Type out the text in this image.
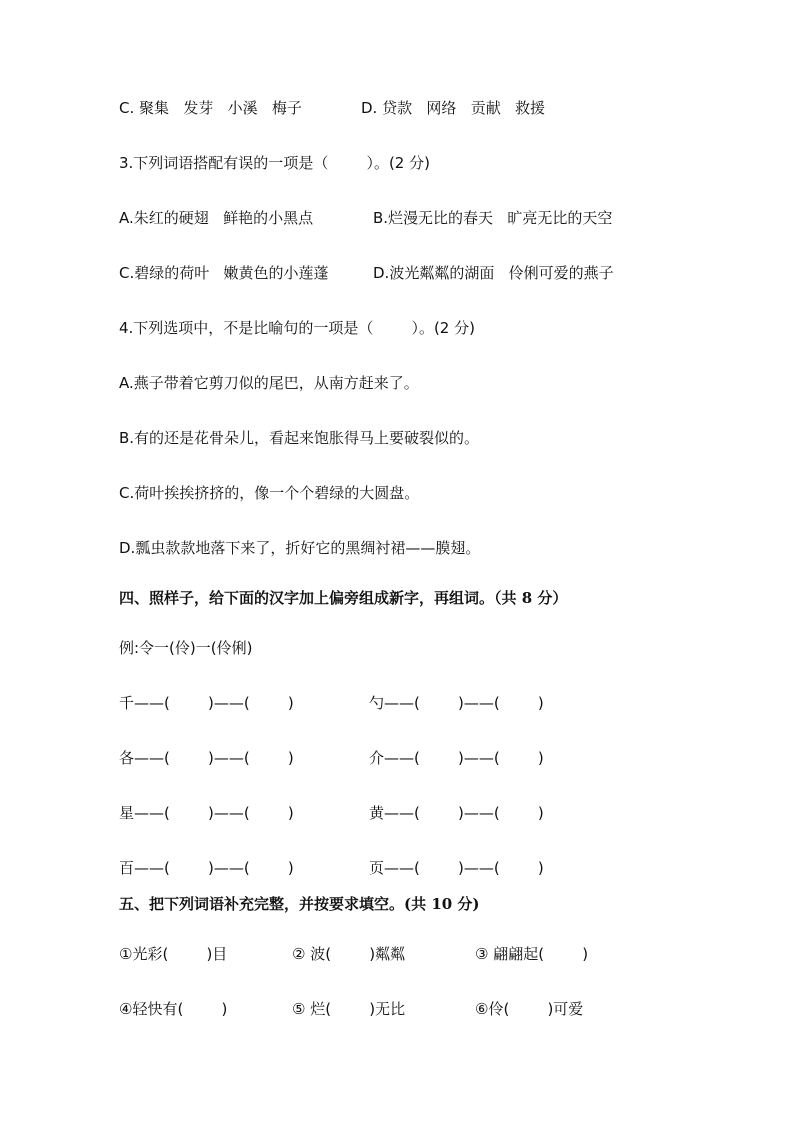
C. 聚集   发芽   小溪   梅子	D. 贷款   网络   贡献   救援
3.下列词语搭配有误的一项是（        ）。(2 分)
A.朱红的硬翅   鲜艳的小黑点	B.烂漫无比的春天   旷亮无比的天空
C.碧绿的荷叶   嫩黄色的小莲蓬	D.波光粼粼的湖面   伶俐可爱的燕子
4.下列选项中，不是比喻句的一项是（        ）。(2 分)
A.燕子带着它剪刀似的尾巴，从南方赶来了。
B.有的还是花骨朵儿，看起来饱胀得马上要破裂似的。
C.荷叶挨挨挤挤的，像一个个碧绿的大圆盘。
D.瓢虫款款地落下来了，折好它的黑绸衬裙——膜翅。
四、照样子，给下面的汉字加上偏旁组成新字，再组词。（共 8 分）
例:令一(伶)一(伶俐)
千——(        )——(        )	勺——(        )——(        )
各——(        )——(        )	介——(        )——(        )
星——(        )——(        )	黄——(        )——(        )
百——(        )——(        )	页——(        )——(        )
五、把下列词语补充完整，并按要求填空。(共 10 分)
①光彩(        )目	② 波(        )粼粼	③ 翩翩起(        )
④轻快有(        )	⑤ 烂(        )无比	⑥伶(        )可爱
